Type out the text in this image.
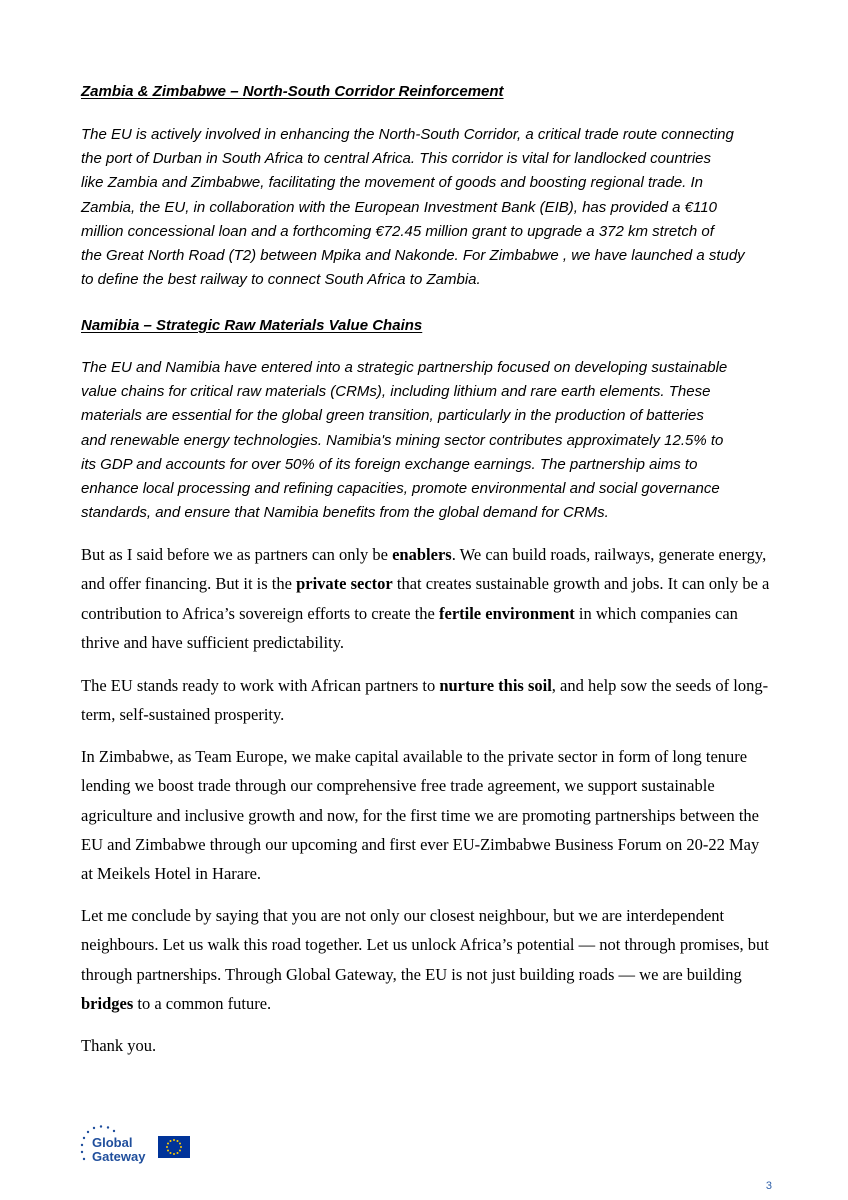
Zambia & Zimbabwe – North-South Corridor Reinforcement
The EU is actively involved in enhancing the North-South Corridor, a critical trade route connecting
the port of Durban in South Africa to central Africa. This corridor is vital for landlocked countries
like Zambia and Zimbabwe, facilitating the movement of goods and boosting regional trade. In
Zambia, the EU, in collaboration with the European Investment Bank (EIB), has provided a €110
million concessional loan and a forthcoming €72.45 million grant to upgrade a 372 km stretch of
the Great North Road (T2) between Mpika and Nakonde. For Zimbabwe , we have launched a study
to define the best railway to connect South Africa to Zambia.
Namibia – Strategic Raw Materials Value Chains
The EU and Namibia have entered into a strategic partnership focused on developing sustainable
value chains for critical raw materials (CRMs), including lithium and rare earth elements. These
materials are essential for the global green transition, particularly in the production of batteries
and renewable energy technologies. Namibia's mining sector contributes approximately 12.5% to
its GDP and accounts for over 50% of its foreign exchange earnings. The partnership aims to
enhance local processing and refining capacities, promote environmental and social governance
standards, and ensure that Namibia benefits from the global demand for CRMs.

But as I said before we as partners can only be enablers. We can build roads, railways, generate energy, and offer financing. But it is the private sector that creates sustainable growth and jobs. It can only be a contribution to Africa’s sovereign efforts to create the fertile environment in which companies can thrive and have sufficient predictability.

The EU stands ready to work with African partners to nurture this soil, and help sow the seeds of long-term, self-sustained prosperity.

In Zimbabwe, as Team Europe, we make capital available to the private sector in form of long tenure lending we boost trade through our comprehensive free trade agreement, we support sustainable agriculture and inclusive growth and now, for the first time we are promoting partnerships between the EU and Zimbabwe through our upcoming and first ever EU-Zimbabwe Business Forum on 20-22 May at Meikels Hotel in Harare.

Let me conclude by saying that you are not only our closest neighbour, but we are interdependent neighbours. Let us walk this road together. Let us unlock Africa’s potential — not through promises, but through partnerships. Through Global Gateway, the EU is not just building roads — we are building bridges to a common future.

Thank you.

Global
Gateway
3
